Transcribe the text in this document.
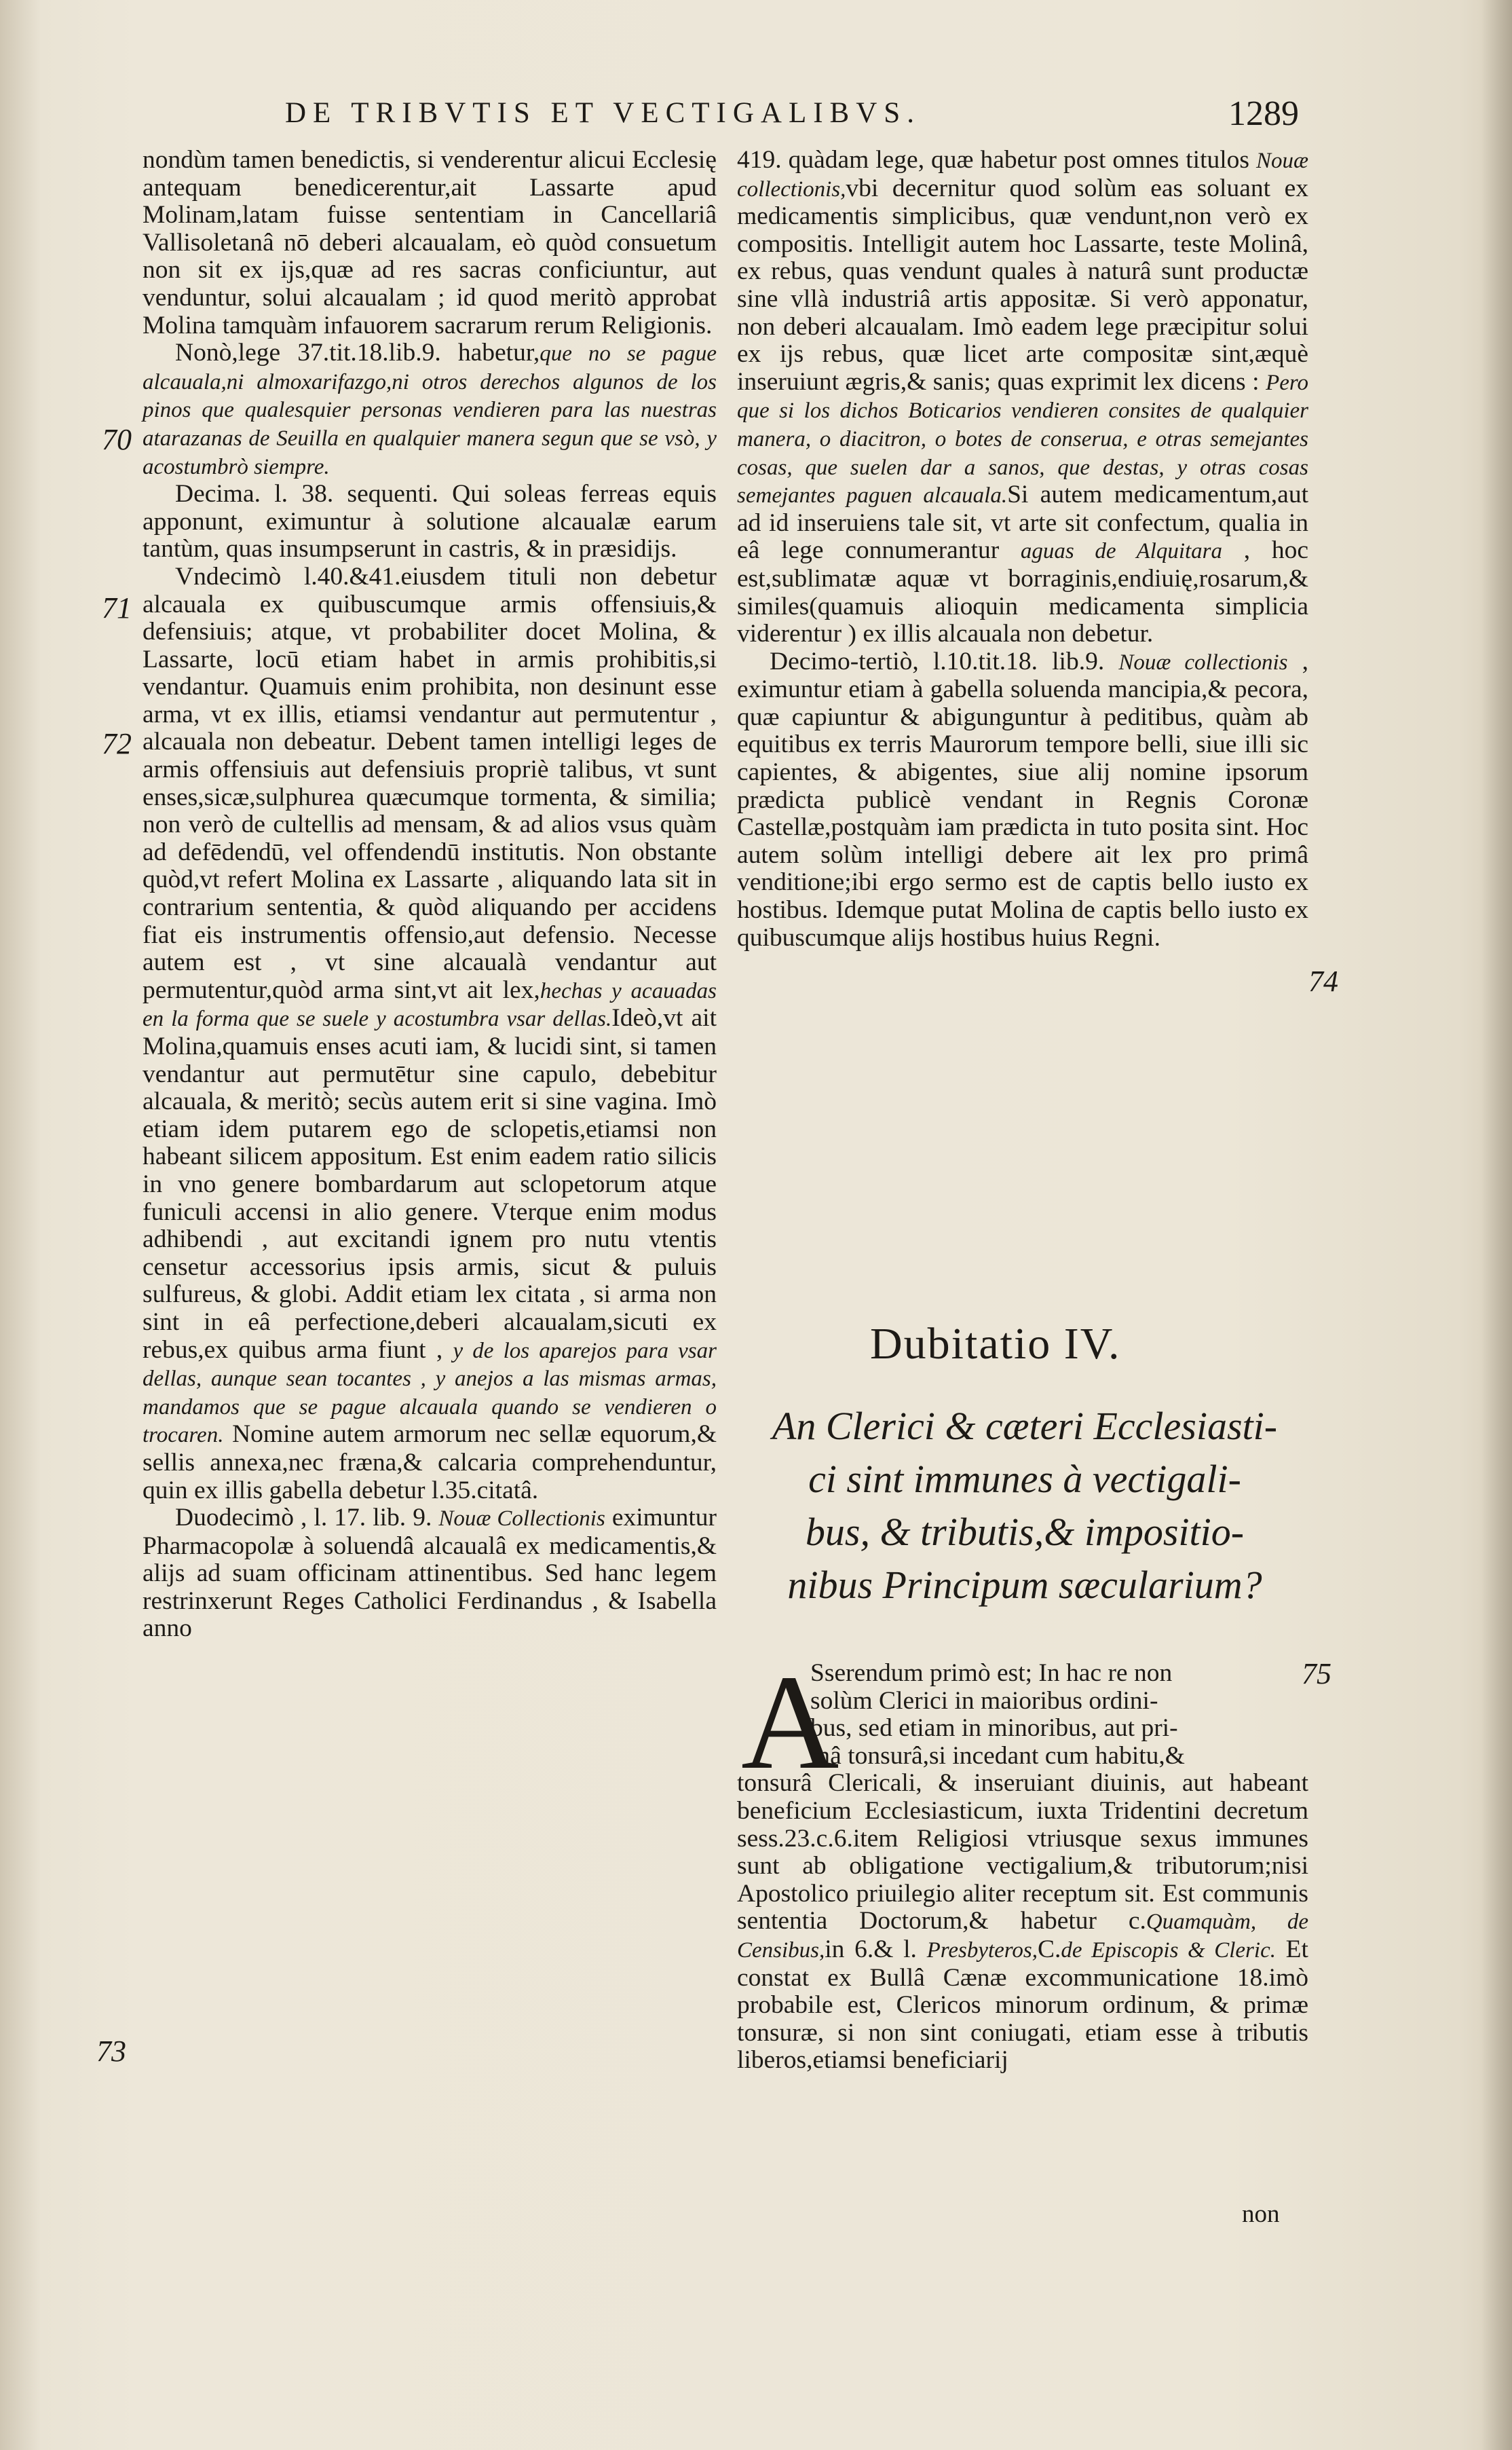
DE TRIBVTIS ET VECTIGALIBVS.	1289
70
71
72
73
74
75

nondùm tamen benedictis, si venderentur alicui Ecclesię antequam benedicerentur,ait Lassarte apud Molinam,latam fuisse sententiam in Cancellariâ Vallisoletanâ nō deberi alcaualam, eò quòd consuetum non sit ex ijs,quæ ad res sacras conficiuntur, aut venduntur, solui alcaualam ; id quod meritò approbat Molina tamquàm infauorem sacrarum rerum Religionis.

Nonò,lege 37.tit.18.lib.9. habetur,que no se pague alcauala,ni almoxarifazgo,ni otros derechos algunos de los pinos que qualesquier personas vendieren para las nuestras atarazanas de Seuilla en qualquier manera segun que se vsò, y acostumbrò siempre.

Decima. l. 38. sequenti. Qui soleas ferreas equis apponunt, eximuntur à solutione alcaualæ earum tantùm, quas insumpserunt in castris, & in præsidijs.

Vndecimò l.40.&41.eiusdem tituli non debetur alcauala ex quibuscumque armis offensiuis,& defensiuis; atque, vt probabiliter docet Molina, & Lassarte, locū etiam habet in armis prohibitis,si vendantur. Quamuis enim prohibita, non desinunt esse arma, vt ex illis, etiamsi vendantur aut permutentur , alcauala non debeatur. Debent tamen intelligi leges de armis offensiuis aut defensiuis propriè talibus, vt sunt enses,sicæ,sulphurea quæcumque tormenta, & similia; non verò de cultellis ad mensam, & ad alios vsus quàm ad defēdendū, vel offendendū institutis. Non obstante quòd,vt refert Molina ex Lassarte , aliquando lata sit in contrarium sententia, & quòd aliquando per accidens fiat eis instrumentis offensio,aut defensio. Necesse autem est , vt sine alcaualà vendantur aut permutentur,quòd arma sint,vt ait lex,hechas y acauadas en la forma que se suele y acostumbra vsar dellas.Ideò,vt ait Molina,quamuis enses acuti iam, & lucidi sint, si tamen vendantur aut permutētur sine capulo, debebitur alcauala, & meritò; secùs autem erit si sine vagina. Imò etiam idem putarem ego de sclopetis,etiamsi non habeant silicem appositum. Est enim eadem ratio silicis in vno genere bombardarum aut sclopetorum atque funiculi accensi in alio genere. Vterque enim modus adhibendi , aut excitandi ignem pro nutu vtentis censetur accessorius ipsis armis, sicut & puluis sulfureus, & globi. Addit etiam lex citata , si arma non sint in eâ perfectione,deberi alcaualam,sicuti ex rebus,ex quibus arma fiunt , y de los aparejos para vsar dellas, aunque sean tocantes , y anejos a las mismas armas, mandamos que se pague alcauala quando se vendieren o trocaren. Nomine autem armorum nec sellæ equorum,& sellis annexa,nec fræna,& calcaria comprehenduntur, quin ex illis gabella debetur l.35.citatâ.

Duodecimò , l. 17. lib. 9. Nouæ Collectionis eximuntur Pharmacopolæ à soluendâ alcaualâ ex medicamentis,& alijs ad suam officinam attinentibus. Sed hanc legem restrinxerunt Reges Catholici Ferdinandus , & Isabella anno

419. quàdam lege, quæ habetur post omnes titulos Nouæ collectionis,vbi decernitur quod solùm eas soluant ex medicamentis simplicibus, quæ vendunt,non verò ex compositis. Intelligit autem hoc Lassarte, teste Molinâ, ex rebus, quas vendunt quales à naturâ sunt productæ sine vllà industriâ artis appositæ. Si verò apponatur, non deberi alcaualam. Imò eadem lege præcipitur solui ex ijs rebus, quæ licet arte compositæ sint,æquè inseruiunt ægris,& sanis; quas exprimit lex dicens : Pero que si los dichos Boticarios vendieren consites de qualquier manera, o diacitron, o botes de conserua, e otras semejantes cosas, que suelen dar a sanos, que destas, y otras cosas semejantes paguen alcauala.Si autem medicamentum,aut ad id inseruiens tale sit, vt arte sit confectum, qualia in eâ lege connumerantur aguas de Alquitara , hoc est,sublimatæ aquæ vt borraginis,endiuię,rosarum,& similes(quamuis alioquin medicamenta simplicia viderentur ) ex illis alcauala non debetur.

Decimo-tertiò, l.10.tit.18. lib.9. Nouæ collectionis , eximuntur etiam à gabella soluenda mancipia,& pecora, quæ capiuntur & abigunguntur à peditibus, quàm ab equitibus ex terris Maurorum tempore belli, siue illi sic capientes, & abigentes, siue alij nomine ipsorum prædicta publicè vendant in Regnis Coronæ Castellæ,postquàm iam prædicta in tuto posita sint. Hoc autem solùm intelligi debere ait lex pro primâ venditione;ibi ergo sermo est de captis bello iusto ex hostibus. Idemque putat Molina de captis bello iusto ex quibuscumque alijs hostibus huius Regni.

Dubitatio IV.
An Clerici & cæteri Ecclesiasti-
ci sint immunes à vectigali-
bus, & tributis,& impositio-
nibus Principum sæcularium?
A
Sserendum primò est; In hac re non
solùm Clerici in maioribus ordini-
bus, sed etiam in minoribus, aut pri-
mâ tonsurâ,si incedant cum habitu,&

tonsurâ Clericali, & inseruiant diuinis, aut habeant beneficium Ecclesiasticum, iuxta Tridentini decretum sess.23.c.6.item Religiosi vtriusque sexus immunes sunt ab obligatione vectigalium,& tributorum;nisi Apostolico priuilegio aliter receptum sit. Est communis sententia Doctorum,& habetur c.Quamquàm, de Censibus,in 6.& l. Presbyteros,C.de Episcopis & Cleric. Et constat ex Bullâ Cænæ excommunicatione 18.imò probabile est, Clericos minorum ordinum, & primæ tonsuræ, si non sint coniugati, etiam esse à tributis liberos,etiamsi beneficiarij

non
